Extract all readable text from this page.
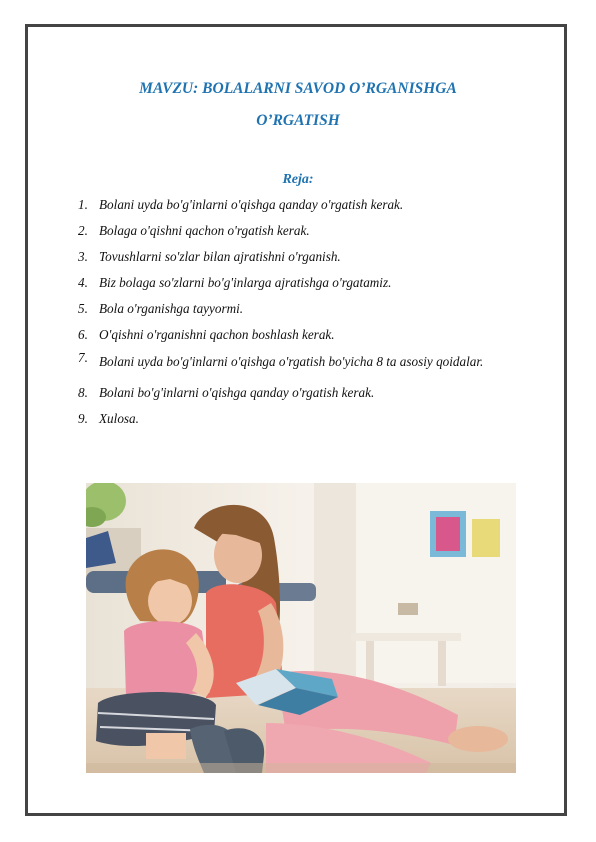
MAVZU: BOLALARNI SAVOD O’RGANISHGA
O’RGATISH
Reja:
1. Bolani uyda bo'g'inlarni o'qishga qanday o'rgatish kerak.
2. Bolaga o'qishni qachon o'rgatish kerak.
3. Tovushlarni so'zlar bilan ajratishni o'rganish.
4. Biz bolaga so'zlarni bo'g'inlarga ajratishga o'rgatamiz.
5. Bola o'rganishga tayyormi.
6. O'qishni o'rganishni qachon boshlash kerak.
7. Bolani uyda bo'g'inlarni o'qishga o'rgatish bo'yicha 8 ta asosiy qoidalar.
8. Bolani bo'g'inlarni o'qishga qanday o'rgatish kerak.
9. Xulosa.
